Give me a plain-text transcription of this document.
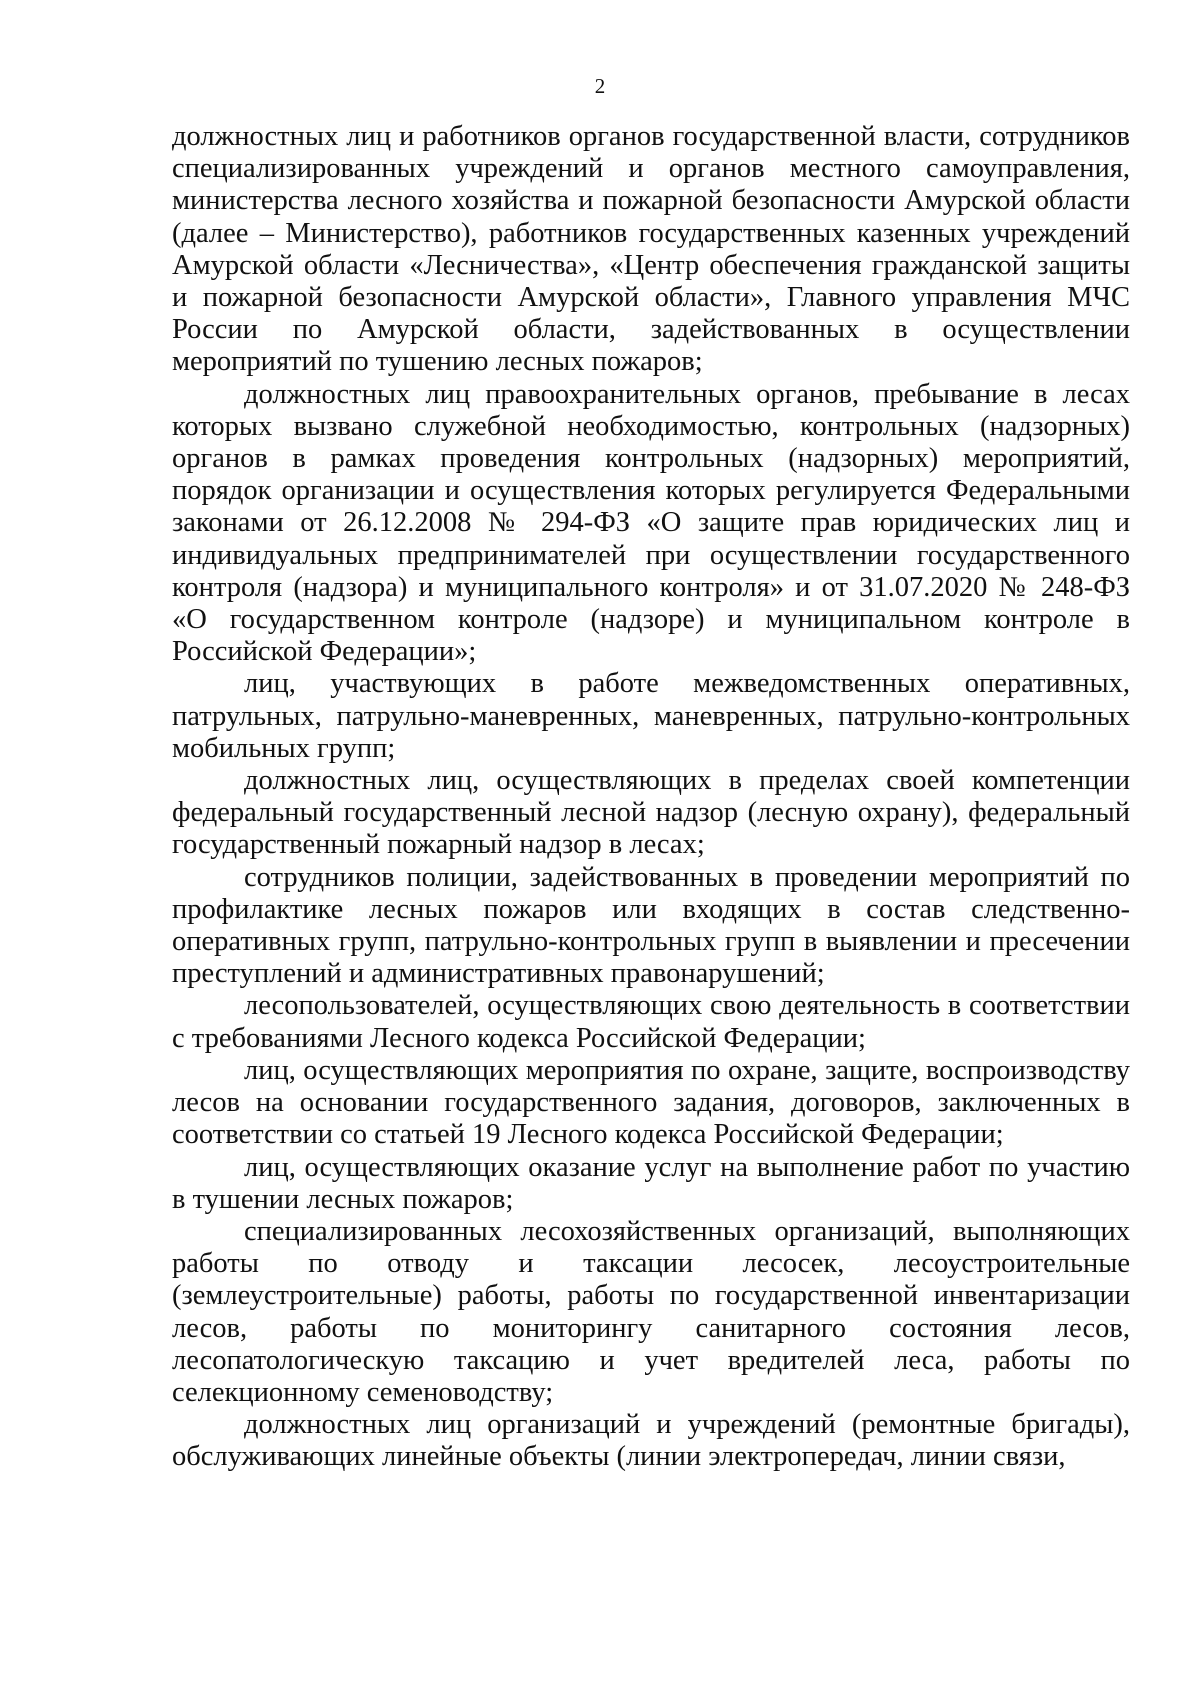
2

должностных лиц и работников органов государственной власти, сотрудников специализированных учреждений и органов местного самоуправления, министерства лесного хозяйства и пожарной безопасности Амурской области (далее – Министерство), работников государственных казенных учреждений Амурской области «Лесничества», «Центр обеспечения гражданской защиты и пожарной безопасности Амурской области», Главного управления МЧС России по Амурской области, задействованных в осуществлении мероприятий по тушению лесных пожаров;

должностных лиц правоохранительных органов, пребывание в лесах которых вызвано служебной необходимостью, контрольных (надзорных) органов в рамках проведения контрольных (надзорных) мероприятий, порядок организации и осуществления которых регулируется Федеральными законами от 26.12.2008 № 294-ФЗ «О защите прав юридических лиц и индивидуальных предпринимателей при осуществлении государственного контроля (надзора) и муниципального контроля» и от 31.07.2020 № 248-ФЗ «О государственном контроле (надзоре) и муниципальном контроле в Российской Федерации»;

лиц, участвующих в работе межведомственных оперативных, патрульных, патрульно-маневренных, маневренных, патрульно-контрольных мобильных групп;

должностных лиц, осуществляющих в пределах своей компетенции федеральный государственный лесной надзор (лесную охрану), федеральный государственный пожарный надзор в лесах;

сотрудников полиции, задействованных в проведении мероприятий по профилактике лесных пожаров или входящих в состав следственно-оперативных групп, патрульно-контрольных групп в выявлении и пресечении преступлений и административных правонарушений;

лесопользователей, осуществляющих свою деятельность в соответствии с требованиями Лесного кодекса Российской Федерации;

лиц, осуществляющих мероприятия по охране, защите, воспроизводству лесов на основании государственного задания, договоров, заключенных в соответствии со статьей 19 Лесного кодекса Российской Федерации;

лиц, осуществляющих оказание услуг на выполнение работ по участию в тушении лесных пожаров;

специализированных лесохозяйственных организаций, выполняющих работы по отводу и таксации лесосек, лесоустроительные (землеустроительные) работы, работы по государственной инвентаризации лесов, работы по мониторингу санитарного состояния лесов, лесопатологическую таксацию и учет вредителей леса, работы по селекционному семеноводству;

должностных лиц организаций и учреждений (ремонтные бригады), обслуживающих линейные объекты (линии электропередач, линии связи,
